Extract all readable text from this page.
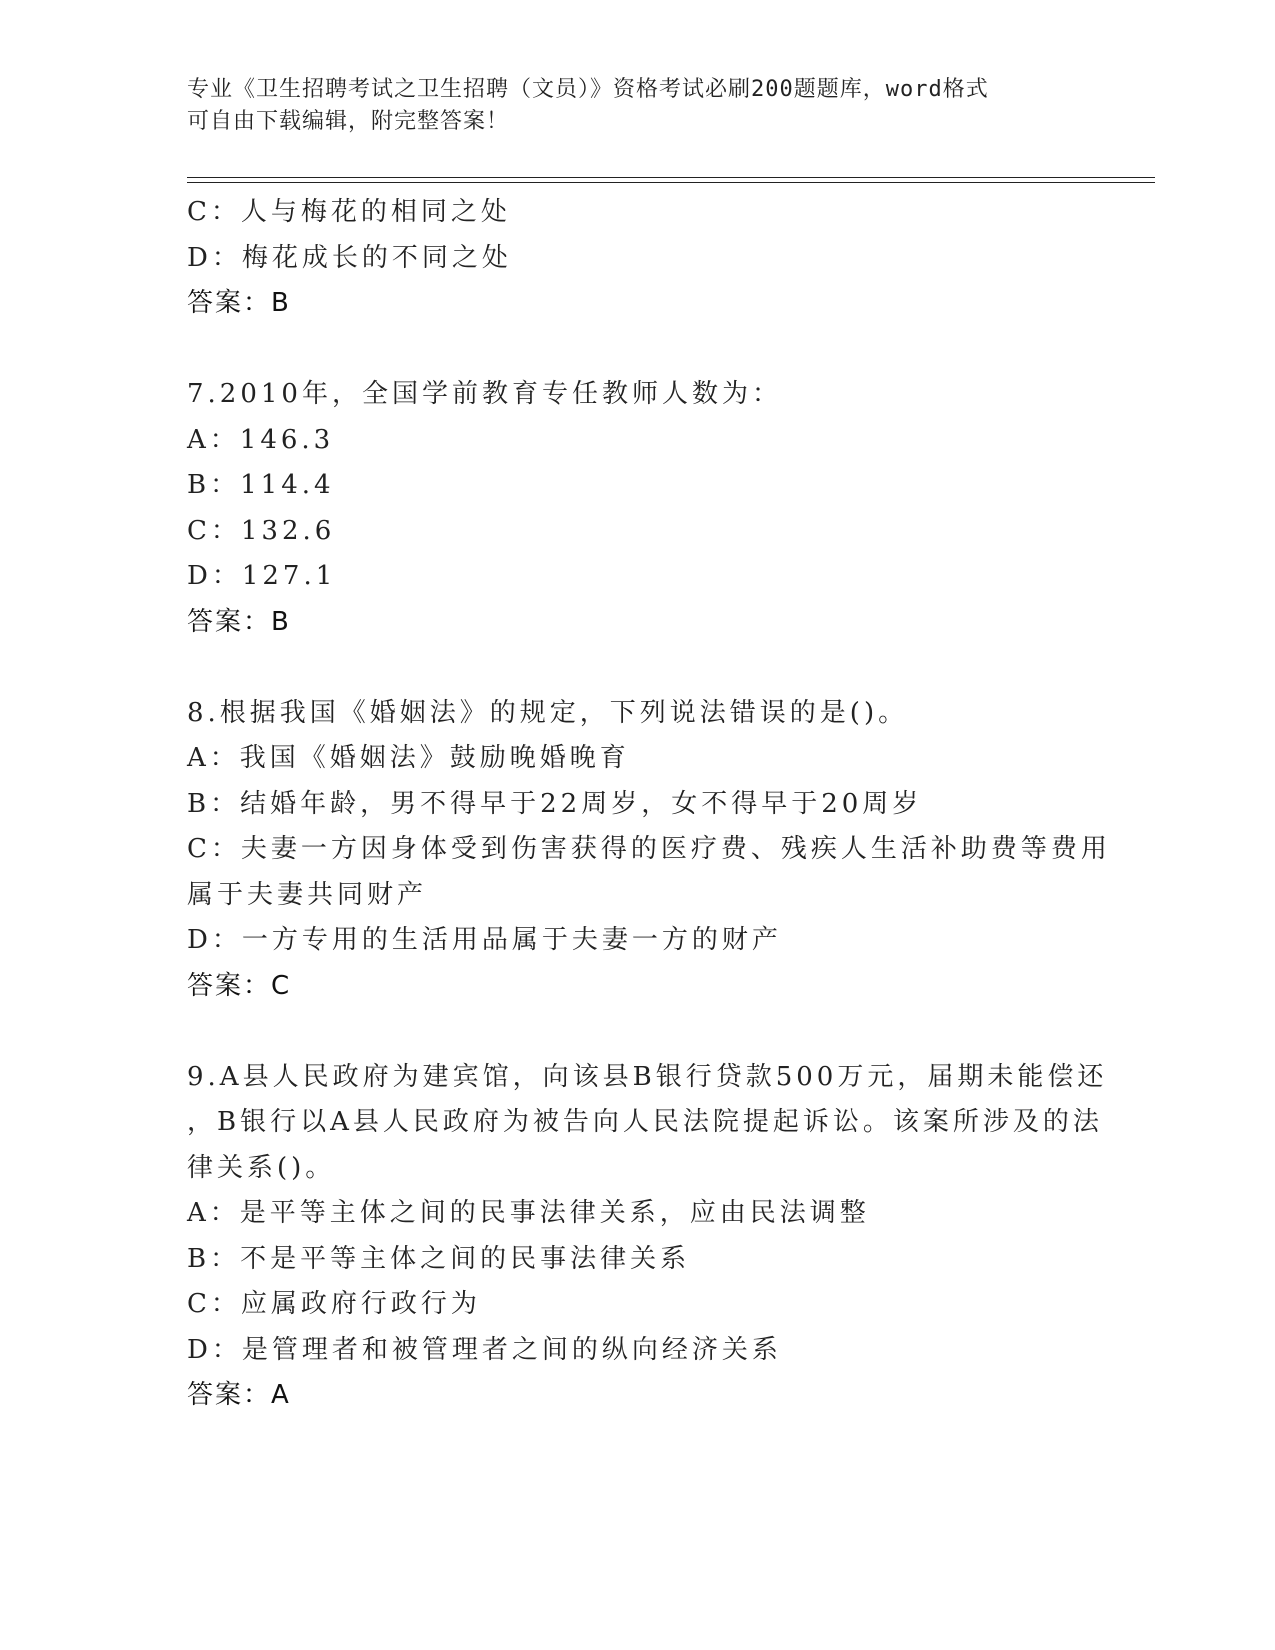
专业《卫生招聘考试之卫生招聘（文员）》资格考试必刷200题题库，word格式
可自由下载编辑，附完整答案！
C：人与梅花的相同之处
D：梅花成长的不同之处
答案：B
7.2010年，全国学前教育专任教师人数为：
A：146.3
B：114.4
C：132.6
D：127.1
答案：B
8.根据我国《婚姻法》的规定，下列说法错误的是()。
A：我国《婚姻法》鼓励晚婚晚育
B：结婚年龄，男不得早于22周岁，女不得早于20周岁
C：夫妻一方因身体受到伤害获得的医疗费、残疾人生活补助费等费用
属于夫妻共同财产
D：一方专用的生活用品属于夫妻一方的财产
答案：C
9.A县人民政府为建宾馆，向该县B银行贷款500万元，届期未能偿还
，B银行以A县人民政府为被告向人民法院提起诉讼。该案所涉及的法
律关系()。
A：是平等主体之间的民事法律关系，应由民法调整
B：不是平等主体之间的民事法律关系
C：应属政府行政行为
D：是管理者和被管理者之间的纵向经济关系
答案：A
